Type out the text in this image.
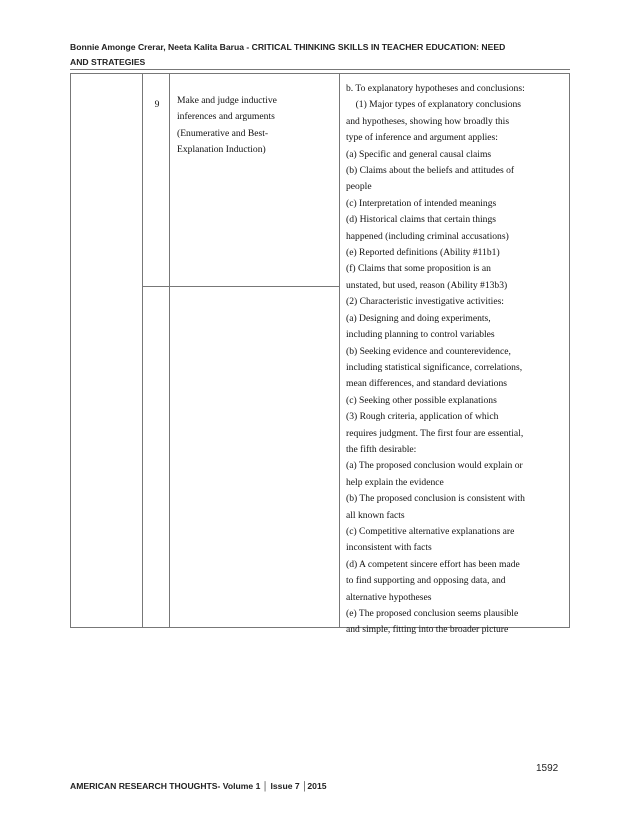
Bonnie Amonge Crerar, Neeta Kalita Barua - CRITICAL THINKING SKILLS IN TEACHER EDUCATION: NEED
AND STRATEGIES
9	Make and judge inductive
inferences and arguments
(Enumerative and Best-
Explanation Induction)
b. To explanatory hypotheses and conclusions:
(1) Major types of explanatory conclusions
and hypotheses, showing how broadly this
type of inference and argument applies:
(a) Specific and general causal claims
(b) Claims about the beliefs and attitudes of
people
(c) Interpretation of intended meanings
(d) Historical claims that certain things
happened (including criminal accusations)
(e) Reported definitions (Ability #11b1)
(f) Claims that some proposition is an
unstated, but used, reason (Ability #13b3)
(2) Characteristic investigative activities:
(a) Designing and doing experiments,
including planning to control variables
(b) Seeking evidence and counterevidence,
including statistical significance, correlations,
mean differences, and standard deviations
(c) Seeking other possible explanations
(3) Rough criteria, application of which
requires judgment. The first four are essential,
the fifth desirable:
(a) The proposed conclusion would explain or
help explain the evidence
(b) The proposed conclusion is consistent with
all known facts
(c) Competitive alternative explanations are
inconsistent with facts
(d) A competent sincere effort has been made
to find supporting and opposing data, and
alternative hypotheses
(e) The proposed conclusion seems plausible
and simple, fitting into the broader picture
1592
AMERICAN RESEARCH THOUGHTS- Volume 1 │ Issue 7 │2015
